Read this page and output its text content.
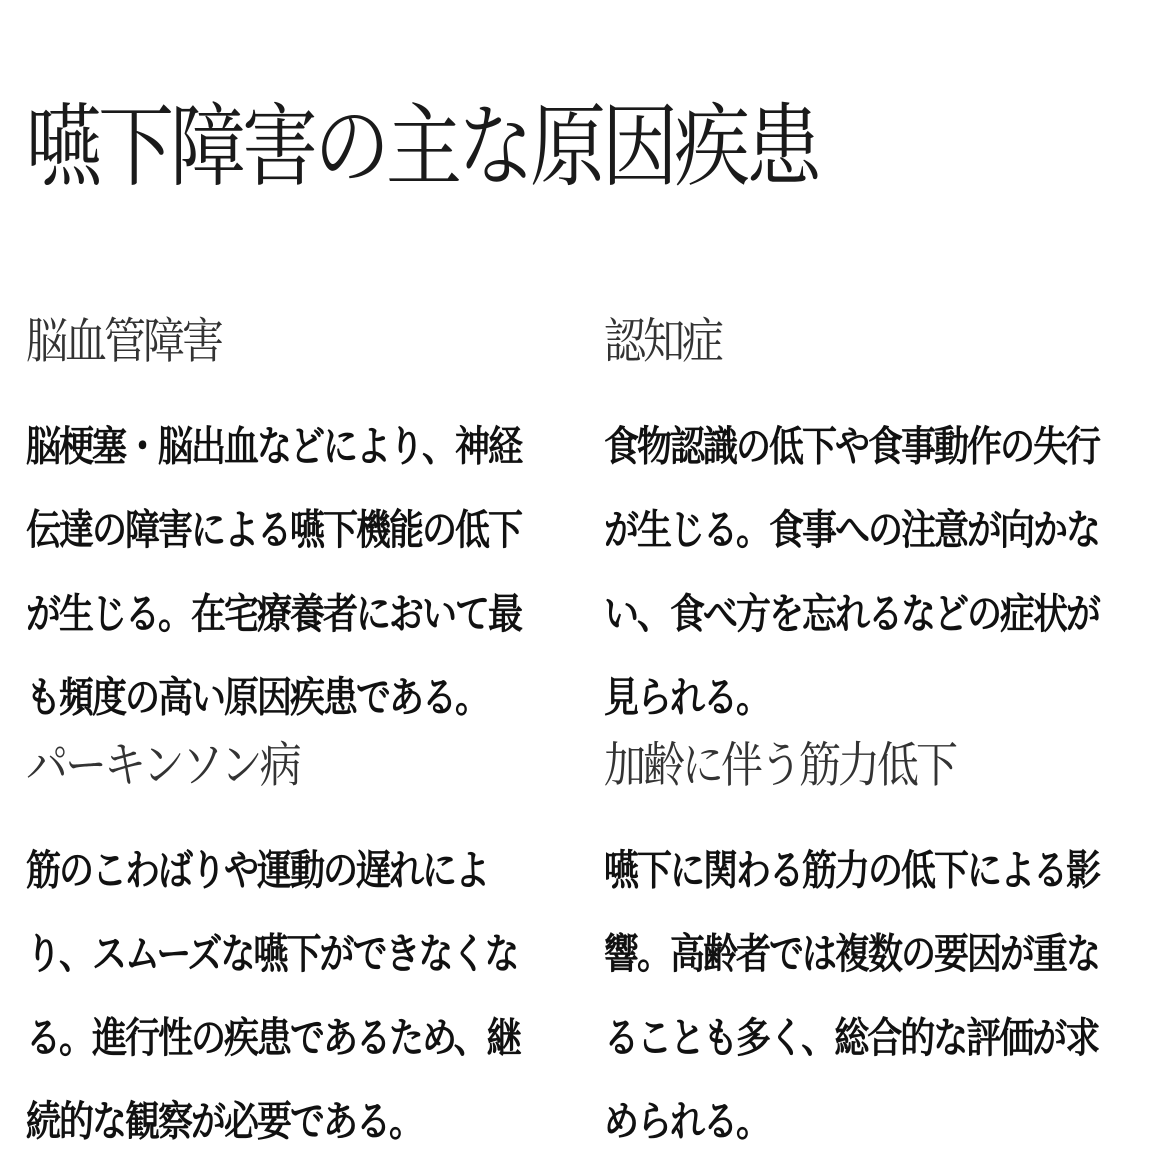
嚥下障害の主な原因疾患
脳血管障害

脳梗塞・脳出血などにより、神経伝達の障害による嚥下機能の低下が生じる。在宅療養者において最も頻度の高い原因疾患である。

認知症

食物認識の低下や食事動作の失行が生じる。食事への注意が向かない、食べ方を忘れるなどの症状が見られる。

パーキンソン病

筋のこわばりや運動の遅れにより、スムーズな嚥下ができなくなる。進行性の疾患であるため、継続的な観察が必要である。

加齢に伴う筋力低下

嚥下に関わる筋力の低下による影響。高齢者では複数の要因が重なることも多く、総合的な評価が求められる。
